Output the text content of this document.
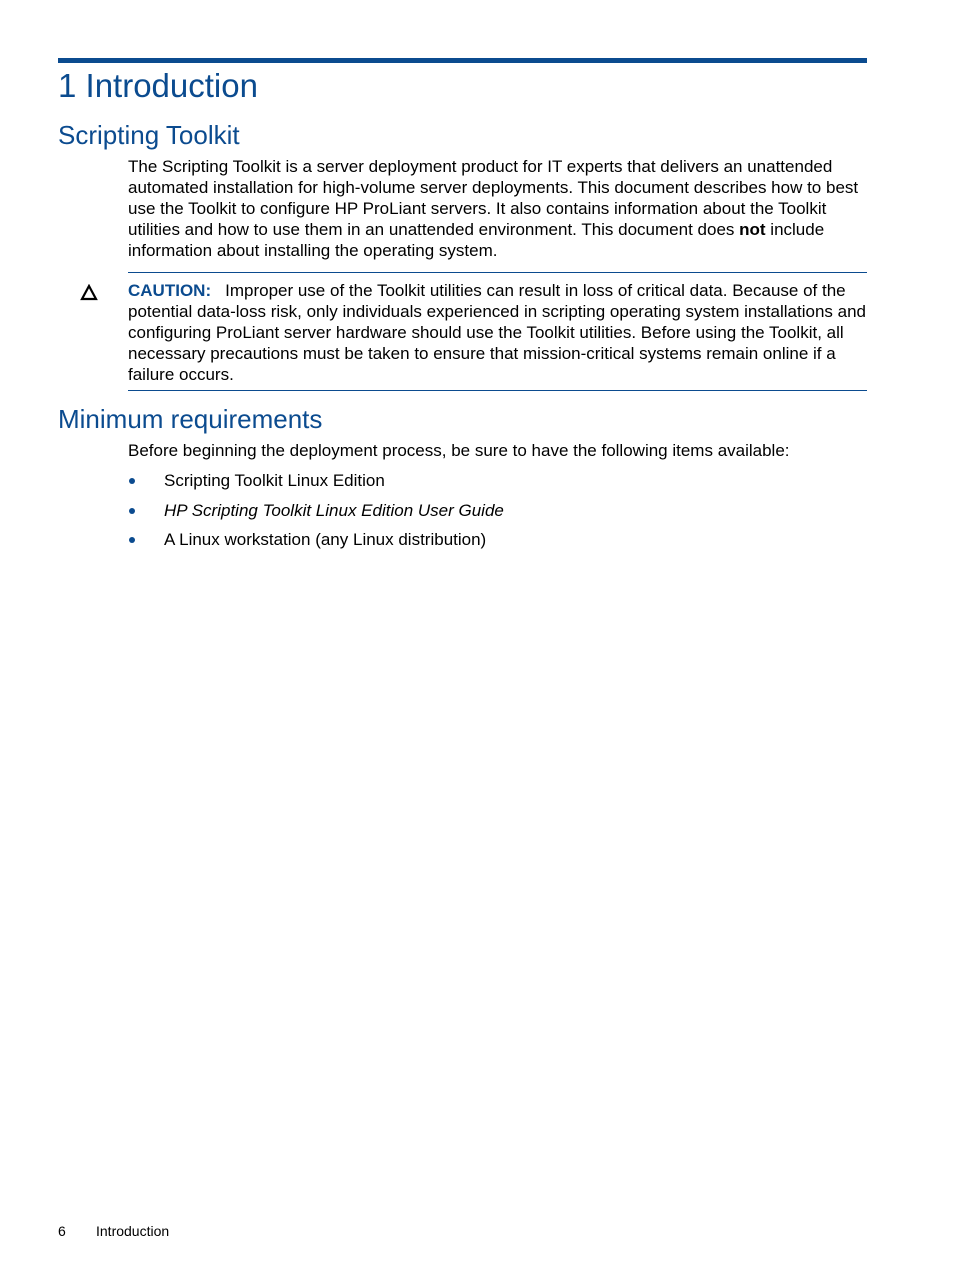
1 Introduction
Scripting Toolkit

The Scripting Toolkit is a server deployment product for IT experts that delivers an unattended automated installation for high-volume server deployments. This document describes how to best use the Toolkit to configure HP ProLiant servers. It also contains information about the Toolkit utilities and how to use them in an unattended environment. This document does not include information about installing the operating system.

CAUTION: Improper use of the Toolkit utilities can result in loss of critical data. Because of the potential data-loss risk, only individuals experienced in scripting operating system installations and configuring ProLiant server hardware should use the Toolkit utilities. Before using the Toolkit, all necessary precautions must be taken to ensure that mission-critical systems remain online if a failure occurs.

Minimum requirements

Before beginning the deployment process, be sure to have the following items available:

Scripting Toolkit Linux Edition
HP Scripting Toolkit Linux Edition User Guide
A Linux workstation (any Linux distribution)
6 Introduction
